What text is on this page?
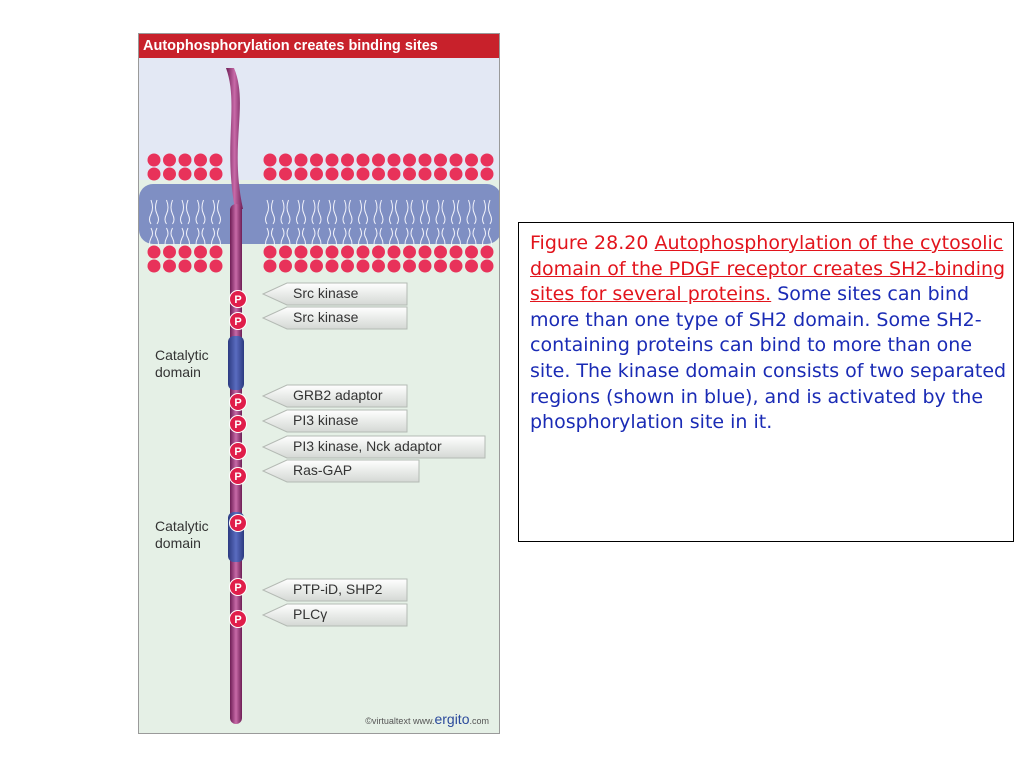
P
P
P
P
P
P
P
P
P
Autophosphorylation creates binding sites
Src kinase
Src kinase
GRB2 adaptor
PI3 kinase
PI3 kinase, Nck adaptor
Ras-GAP
PTP-iD, SHP2
PLCγ
Catalytic domain
Catalytic domain
©virtualtext www.ergito.com
Figure 28.20 Autophosphorylation of the cytosolic domain of the PDGF receptor creates SH2-binding sites for several proteins. Some sites can bind more than one type of SH2 domain. Some SH2-containing proteins can bind to more than one site. The kinase domain consists of two separated regions (shown in blue), and is activated by the phosphorylation site in it.
